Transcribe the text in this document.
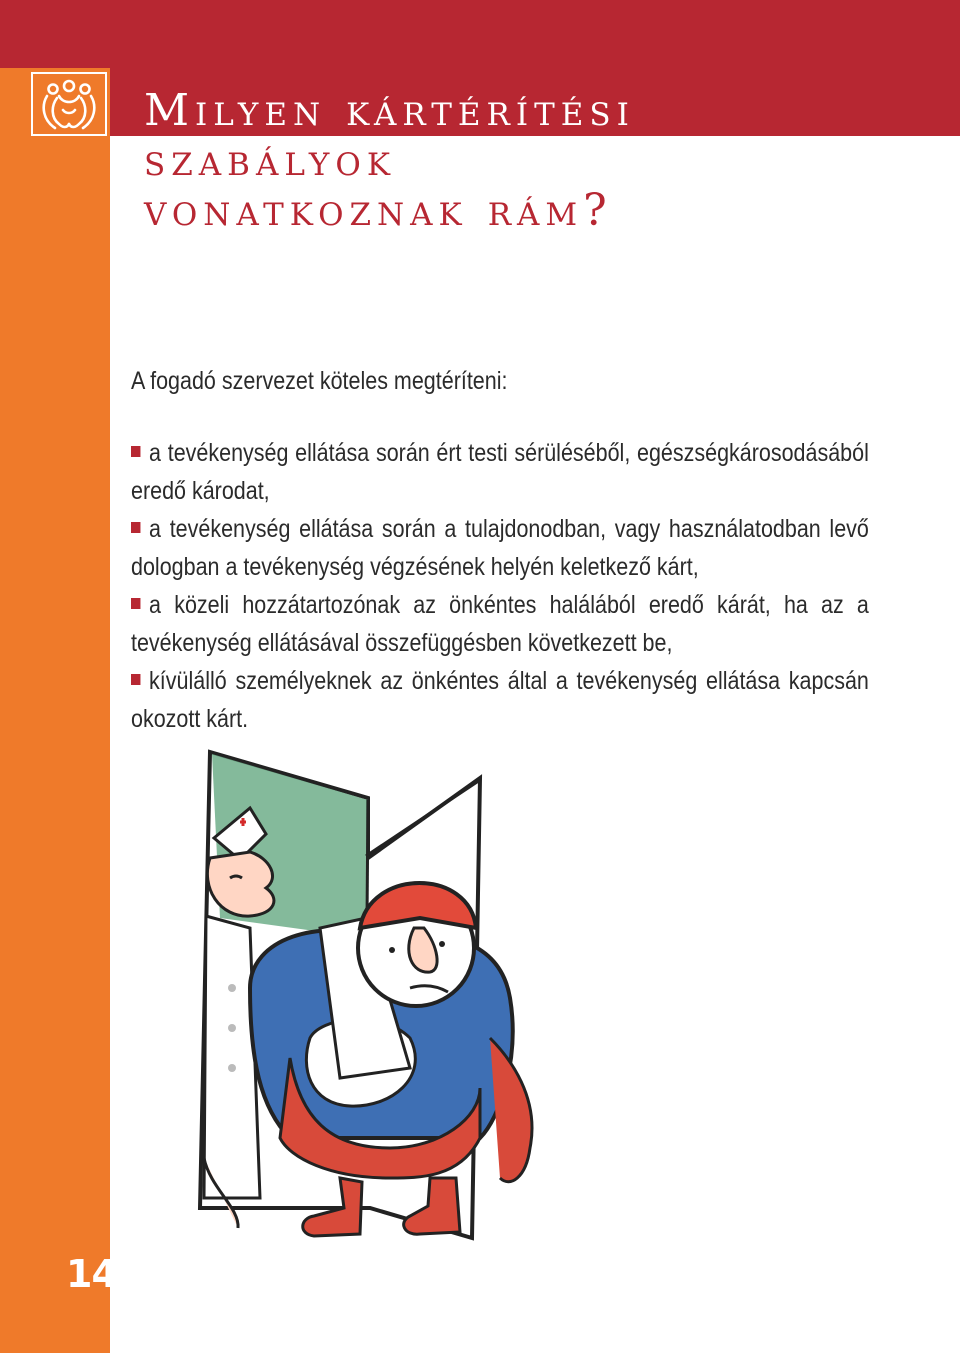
Milyen kártérítési
szabályok
vonatkoznak rám?

A fogadó szervezet köteles megtéríteni:

a tevékenység ellátása során ért testi sérüléséből, egészségkárosodásából eredő károdat,
a tevékenység ellátása során a tulajdonodban, vagy használatodban levő dologban a tevékenység végzésének helyén keletkező kárt,
a közeli hozzátartozónak az önkéntes halálából eredő kárát, ha az a tevékenység ellátásával összefüggésben következett be,
kívülálló személyeknek az önkéntes által a tevékenység ellátása kapcsán okozott kárt.
14
